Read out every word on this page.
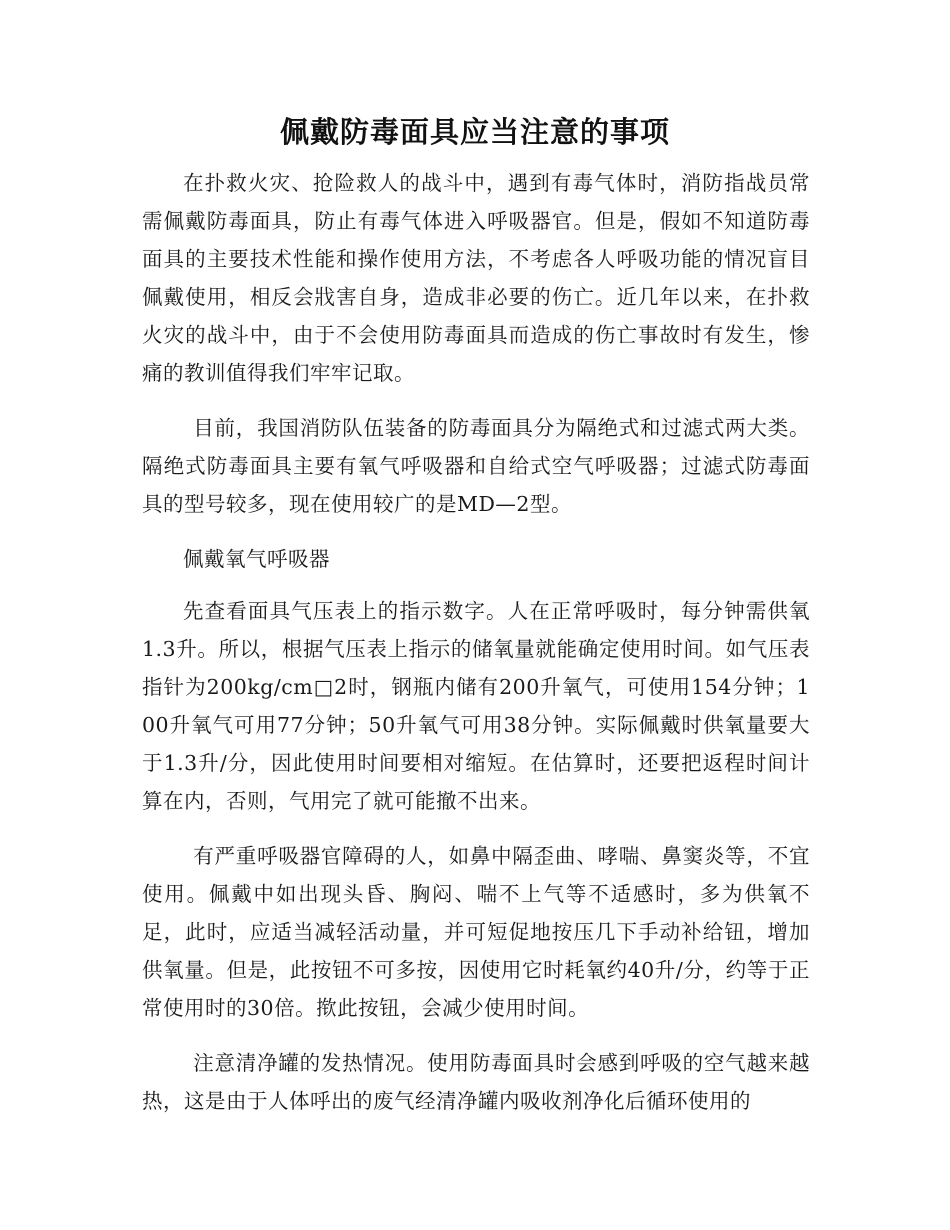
佩戴防毒面具应当注意的事项

在扑救火灾、抢险救人的战斗中，遇到有毒气体时，消防指战员常需佩戴防毒面具，防止有毒气体进入呼吸器官。但是，假如不知道防毒面具的主要技术性能和操作使用方法，不考虑各人呼吸功能的情况盲目佩戴使用，相反会戕害自身，造成非必要的伤亡。近几年以来，在扑救火灾的战斗中，由于不会使用防毒面具而造成的伤亡事故时有发生，惨痛的教训值得我们牢牢记取。

目前，我国消防队伍装备的防毒面具分为隔绝式和过滤式两大类。隔绝式防毒面具主要有氧气呼吸器和自给式空气呼吸器；过滤式防毒面具的型号较多，现在使用较广的是MD—2型。

佩戴氧气呼吸器

先查看面具气压表上的指示数字。人在正常呼吸时，每分钟需供氧1.3升。所以，根据气压表上指示的储氧量就能确定使用时间。如气压表指针为200kg/cm□2时，钢瓶内储有200升氧气，可使用154分钟；100升氧气可用77分钟；50升氧气可用38分钟。实际佩戴时供氧量要大于1.3升/分，因此使用时间要相对缩短。在估算时，还要把返程时间计算在内，否则，气用完了就可能撤不出来。

有严重呼吸器官障碍的人，如鼻中隔歪曲、哮喘、鼻窦炎等，不宜使用。佩戴中如出现头昏、胸闷、喘不上气等不适感时，多为供氧不足，此时，应适当减轻活动量，并可短促地按压几下手动补给钮，增加供氧量。但是，此按钮不可多按，因使用它时耗氧约40升/分，约等于正常使用时的30倍。揿此按钮，会减少使用时间。

注意清净罐的发热情况。使用防毒面具时会感到呼吸的空气越来越热，这是由于人体呼出的废气经清净罐内吸收剂净化后循环使用的
